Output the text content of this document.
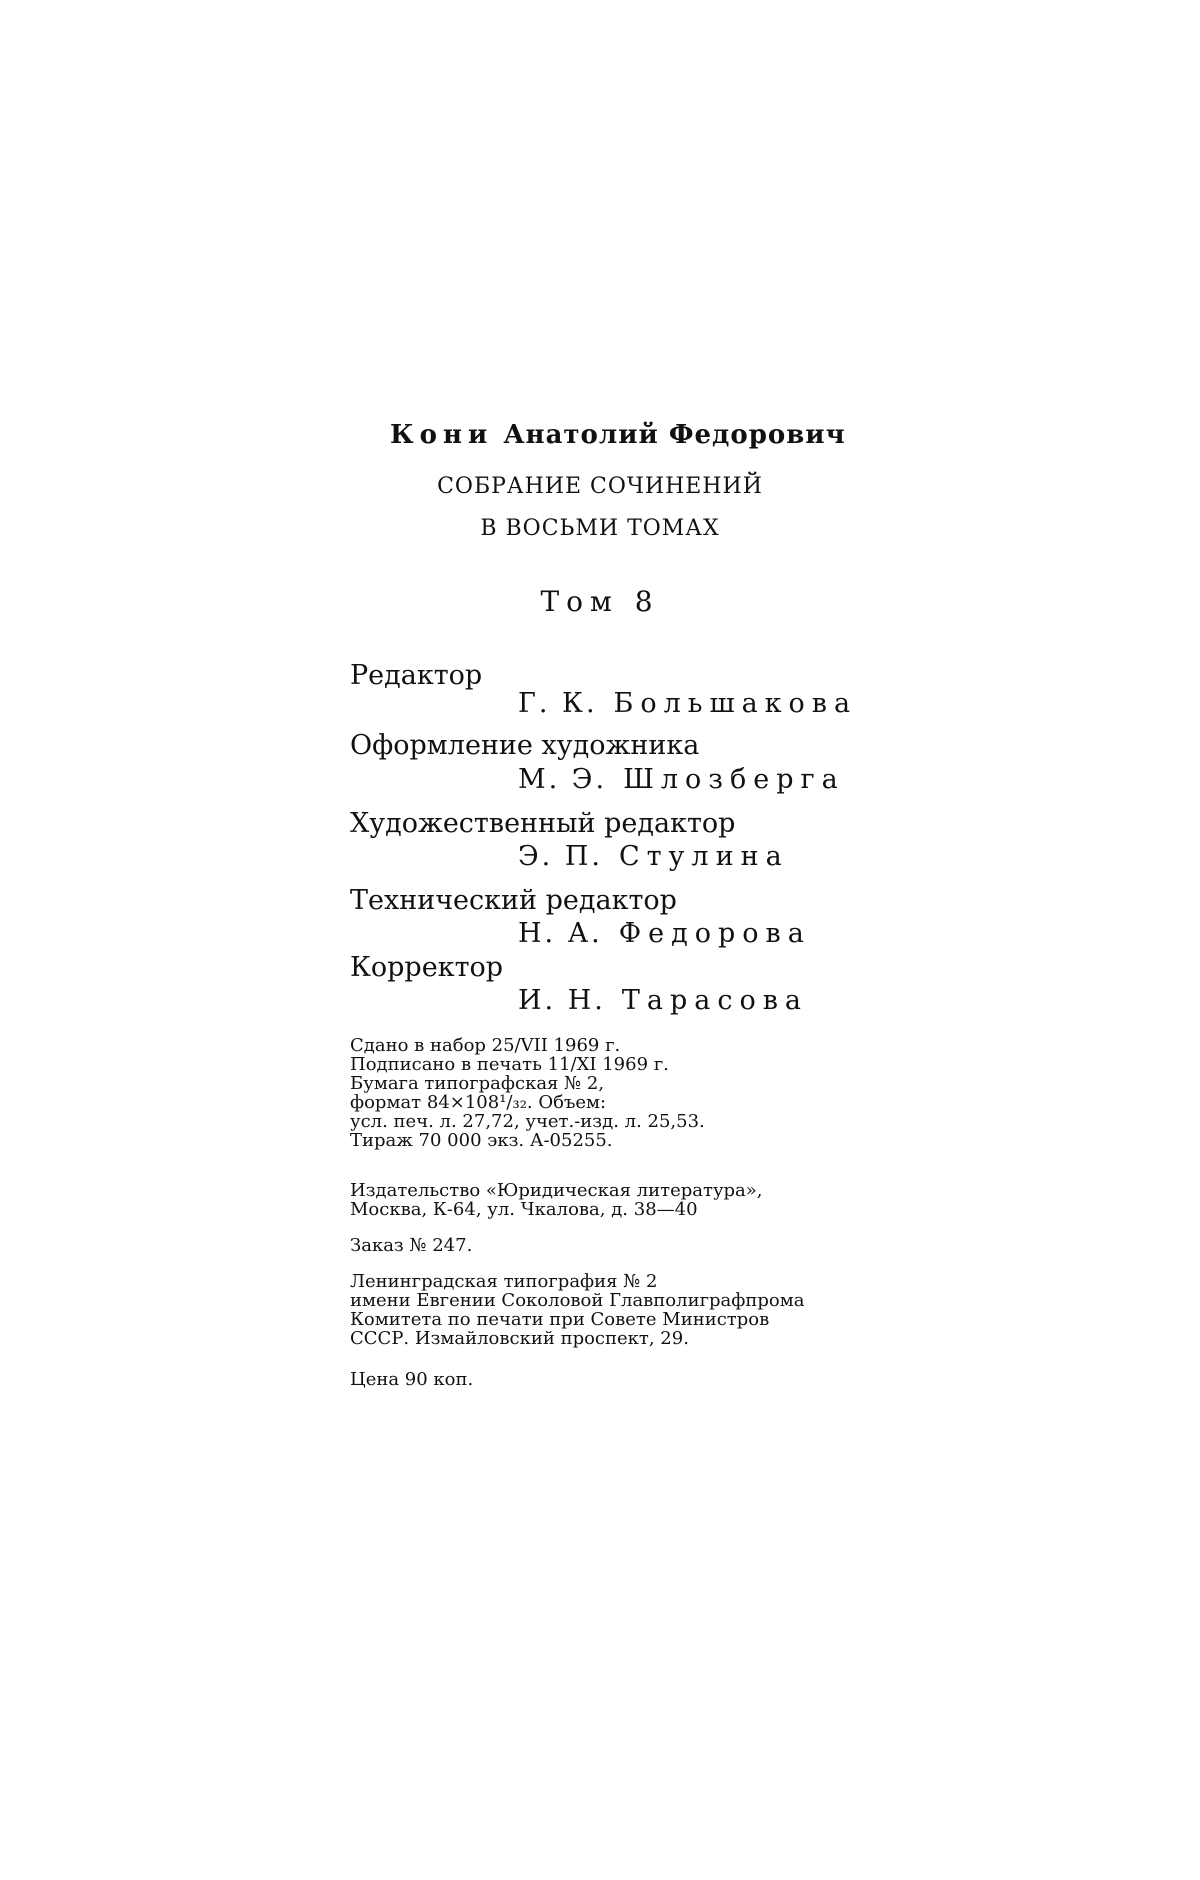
Кони Анатолий Федорович
СОБРАНИЕ СОЧИНЕНИЙ
В ВОСЬМИ ТОМАХ
Том 8
Редактор
Г. К. Большакова
Оформление художника
М. Э. Шлозберга
Художественный редактор
Э. П. Стулина
Технический редактор
Н. А. Федорова
Корректор
И. Н. Тарасова
Сдано в набор 25/VII 1969 г.
Подписано в печать 11/XI 1969 г.
Бумага типографская № 2,
формат 84×108¹/₃₂. Объем:
усл. печ. л. 27,72, учет.-изд. л. 25,53.
Тираж 70 000 экз. А-05255.
Издательство «Юридическая литература»,
Москва, К-64, ул. Чкалова, д. 38—40
Заказ № 247.
Ленинградская типография № 2
имени Евгении Соколовой Главполиграфпрома
Комитета по печати при Совете Министров
СССР. Измайловский проспект, 29.
Цена 90 коп.
